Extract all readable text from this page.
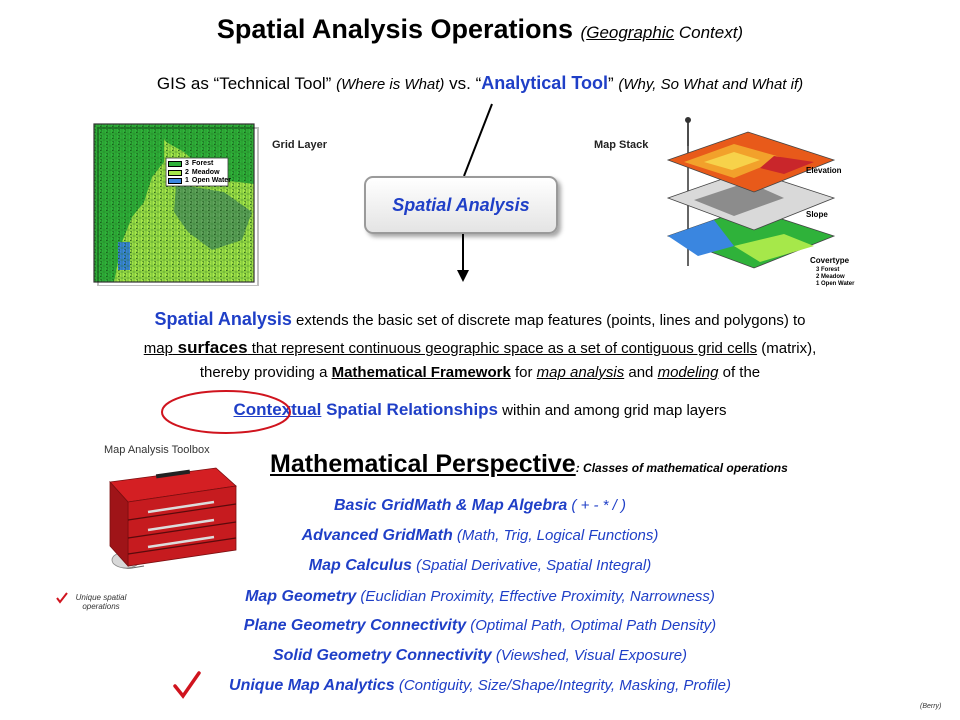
Spatial Analysis Operations (Geographic Context)
GIS as “Technical Tool” (Where is What) vs. “Analytical Tool” (Why, So What and What if)
3 Forest
2 Meadow
1 Open Water
Grid Layer	Map Stack
Spatial Analysis
Elevation
Slope
Covertype
3 Forest
2 Meadow
1 Open Water
Spatial Analysis extends the basic set of discrete map features (points, lines and polygons) to
map surfaces that represent continuous geographic space as a set of contiguous grid cells (matrix),
thereby providing a Mathematical Framework for map analysis and modeling of the
Contextual Spatial Relationships within and among grid map layers
Map Analysis Toolbox
Unique spatial operations
Mathematical Perspective: Classes of mathematical operations
Basic GridMath & Map Algebra ( + - * / )
Advanced GridMath (Math, Trig, Logical Functions)
Map Calculus (Spatial Derivative, Spatial Integral)
Map Geometry (Euclidian Proximity, Effective Proximity, Narrowness)
Plane Geometry Connectivity (Optimal Path, Optimal Path Density)
Solid Geometry Connectivity (Viewshed, Visual Exposure)
Unique Map Analytics (Contiguity, Size/Shape/Integrity, Masking, Profile)
(Berry)
